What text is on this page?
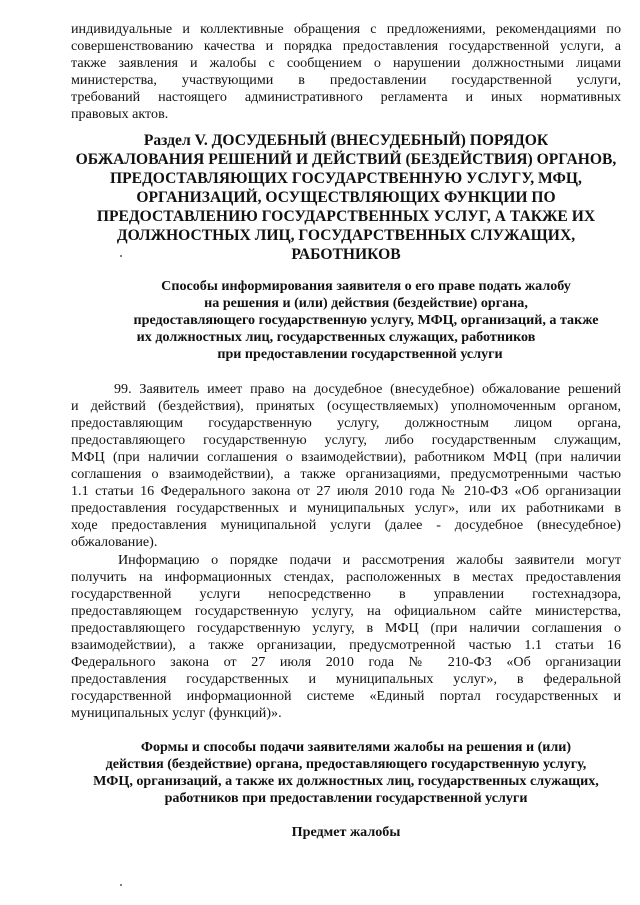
индивидуальные и коллективные обращения с предложениями, рекомендациями по
совершенствованию качества и порядка предоставления государственной услуги, а
также заявления и жалобы с сообщением о нарушении должностными лицами
министерства, участвующими в предоставлении государственной услуги,
требований настоящего административного регламента и иных нормативных
правовых актов.
Раздел V. ДОСУДЕБНЫЙ (ВНЕСУДЕБНЫЙ) ПОРЯДОК
ОБЖАЛОВАНИЯ РЕШЕНИЙ И ДЕЙСТВИЙ (БЕЗДЕЙСТВИЯ) ОРГАНОВ,
ПРЕДОСТАВЛЯЮЩИХ ГОСУДАРСТВЕННУЮ УСЛУГУ, МФЦ,
ОРГАНИЗАЦИЙ, ОСУЩЕСТВЛЯЮЩИХ ФУНКЦИИ ПО
ПРЕДОСТАВЛЕНИЮ ГОСУДАРСТВЕННЫХ УСЛУГ, А ТАКЖЕ ИХ
ДОЛЖНОСТНЫХ ЛИЦ, ГОСУДАРСТВЕННЫХ СЛУЖАЩИХ,
РАБОТНИКОВ
Способы информирования заявителя о его праве подать жалобу
на решения и (или) действия (бездействие) органа,
предоставляющего государственную услугу, МФЦ, организаций, а также
их должностных лиц, государственных служащих, работников
при предоставлении государственной услуги
99. Заявитель имеет право на досудебное (внесудебное) обжалование решений
и действий (бездействия), принятых (осуществляемых) уполномоченным органом,
предоставляющим государственную услугу, должностным лицом органа,
предоставляющего государственную услугу, либо государственным служащим,
МФЦ (при наличии соглашения о взаимодействии), работником МФЦ (при наличии
соглашения о взаимодействии), а также организациями, предусмотренными частью
1.1 статьи 16 Федерального закона от 27 июля 2010 года № 210-ФЗ «Об организации
предоставления государственных и муниципальных услуг», или их работниками в
ходе предоставления муниципальной услуги (далее - досудебное (внесудебное)
обжалование).
Информацию о порядке подачи и рассмотрения жалобы заявители могут
получить на информационных стендах, расположенных в местах предоставления
государственной услуги непосредственно в управлении гостехнадзора,
предоставляющем государственную услугу, на официальном сайте министерства,
предоставляющего государственную услугу, в МФЦ (при наличии соглашения о
взаимодействии), а также организации, предусмотренной частью 1.1 статьи 16
Федерального закона от 27 июля 2010 года № 210-ФЗ «Об организации
предоставления государственных и муниципальных услуг», в федеральной
государственной информационной системе «Единый портал государственных и
муниципальных услуг (функций)».
Формы и способы подачи заявителями жалобы на решения и (или)
действия (бездействие) органа, предоставляющего государственную услугу,
МФЦ, организаций, а также их должностных лиц, государственных служащих,
работников при предоставлении государственной услуги
Предмет жалобы
